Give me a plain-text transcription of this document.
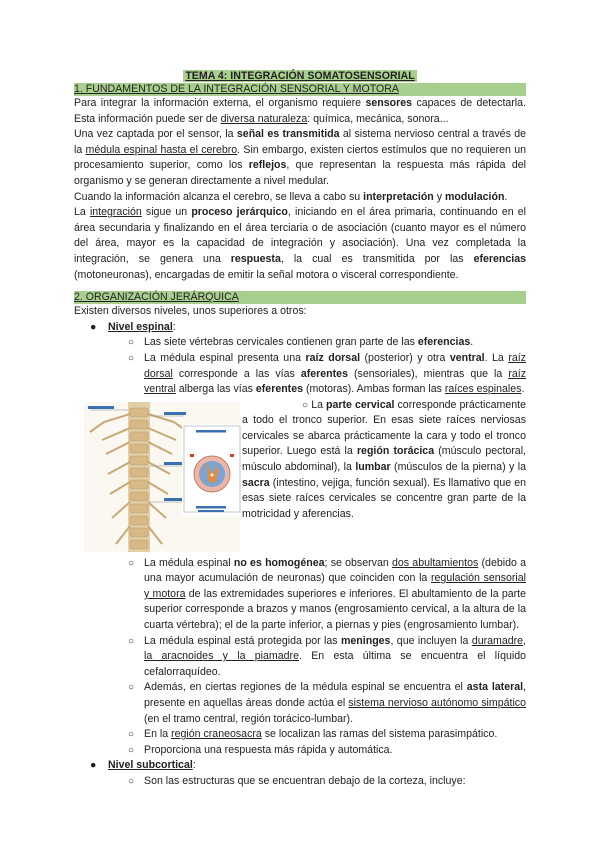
TEMA 4: INTEGRACIÓN SOMATOSENSORIAL
1. FUNDAMENTOS DE LA INTEGRACIÓN SENSORIAL Y MOTORA

Para integrar la información externa, el organismo requiere sensores capaces de detectarla. Esta información puede ser de diversa naturaleza: química, mecánica, sonora...

Una vez captada por el sensor, la señal es transmitida al sistema nervioso central a través de la médula espinal hasta el cerebro. Sin embargo, existen ciertos estímulos que no requieren un procesamiento superior, como los reflejos, que representan la respuesta más rápida del organismo y se generan directamente a nivel medular.

Cuando la información alcanza el cerebro, se lleva a cabo su interpretación y modulación.

La integración sigue un proceso jerárquico, iniciando en el área primaria, continuando en el área secundaria y finalizando en el área terciaria o de asociación (cuanto mayor es el número del área, mayor es la capacidad de integración y asociación). Una vez completada la integración, se genera una respuesta, la cual es transmitida por las eferencias (motoneuronas), encargadas de emitir la señal motora o visceral correspondiente.

2. ORGANIZACIÓN JERÁRQUICA

Existen diversos niveles, unos superiores a otros:

● Nivel espinal:
○ Las siete vértebras cervicales contienen gran parte de las eferencias.
○ La médula espinal presenta una raíz dorsal (posterior) y otra ventral. La raíz dorsal corresponde a las vías aferentes (sensoriales), mientras que la raíz ventral alberga las vías eferentes (motoras). Ambas forman las raíces espinales.
○ La parte cervical corresponde prácticamente a todo el tronco superior. En esas siete raíces nerviosas cervicales se abarca prácticamente la cara y todo el tronco superior. Luego está la región torácica (músculo pectoral, músculo abdominal), la lumbar (músculos de la pierna) y la sacra (intestino, vejiga, función sexual). Es llamativo que en esas siete raíces cervicales se concentre gran parte de la motricidad y aferencias.
○ La médula espinal no es homogénea; se observan dos abultamientos (debido a una mayor acumulación de neuronas) que coinciden con la regulación sensorial y motora de las extremidades superiores e inferiores. El abultamiento de la parte superior corresponde a brazos y manos (engrosamiento cervical, a la altura de la cuarta vértebra); el de la parte inferior, a piernas y pies (engrosamiento lumbar).
○ La médula espinal está protegida por las meninges, que incluyen la duramadre, la aracnoides y la piamadre. En esta última se encuentra el líquido cefalorraquídeo.
○ Además, en ciertas regiones de la médula espinal se encuentra el asta lateral, presente en aquellas áreas donde actúa el sistema nervioso autónomo simpático (en el tramo central, región torácico-lumbar).
○ En la región craneosacra se localizan las ramas del sistema parasimpático.
○ Proporciona una respuesta más rápida y automática.
● Nivel subcortical:
○ Son las estructuras que se encuentran debajo de la corteza, incluye:
